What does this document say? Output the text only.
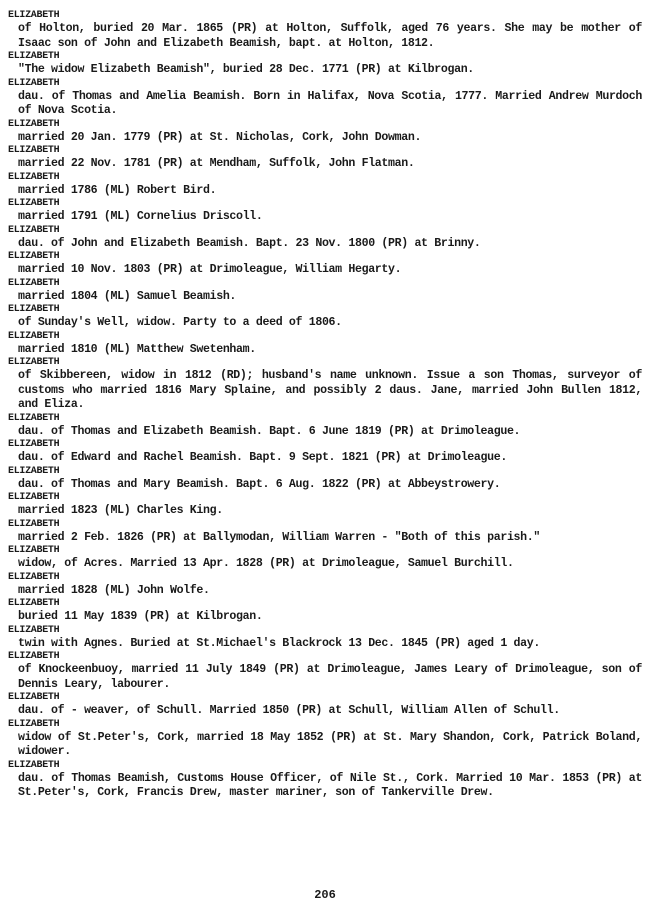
ELIZABETH
of Holton, buried 20 Mar. 1865 (PR) at Holton, Suffolk, aged 76 years. She may be mother of Isaac son of John and Elizabeth Beamish, bapt. at Holton, 1812.
ELIZABETH
"The widow Elizabeth Beamish", buried 28 Dec. 1771 (PR) at Kilbrogan.
ELIZABETH
dau. of Thomas and Amelia Beamish. Born in Halifax, Nova Scotia, 1777. Married Andrew Murdoch of Nova Scotia.
ELIZABETH
married 20 Jan. 1779 (PR) at St. Nicholas, Cork, John Dowman.
ELIZABETH
married 22 Nov. 1781 (PR) at Mendham, Suffolk, John Flatman.
ELIZABETH
married 1786 (ML) Robert Bird.
ELIZABETH
married 1791 (ML) Cornelius Driscoll.
ELIZABETH
dau. of John and Elizabeth Beamish. Bapt. 23 Nov. 1800 (PR) at Brinny.
ELIZABETH
married 10 Nov. 1803 (PR) at Drimoleague, William Hegarty.
ELIZABETH
married 1804 (ML) Samuel Beamish.
ELIZABETH
of Sunday's Well, widow. Party to a deed of 1806.
ELIZABETH
married 1810 (ML) Matthew Swetenham.
ELIZABETH
of Skibbereen, widow in 1812 (RD); husband's name unknown. Issue a son Thomas, surveyor of customs who married 1816 Mary Splaine, and possibly 2 daus. Jane, married John Bullen 1812, and Eliza.
ELIZABETH
dau. of Thomas and Elizabeth Beamish. Bapt. 6 June 1819 (PR) at Drimoleague.
ELIZABETH
dau. of Edward and Rachel Beamish. Bapt. 9 Sept. 1821 (PR) at Drimoleague.
ELIZABETH
dau. of Thomas and Mary Beamish. Bapt. 6 Aug. 1822 (PR) at Abbeystrowery.
ELIZABETH
married 1823 (ML) Charles King.
ELIZABETH
married 2 Feb. 1826 (PR) at Ballymodan, William Warren - "Both of this parish."
ELIZABETH
widow, of Acres. Married 13 Apr. 1828 (PR) at Drimoleague, Samuel Burchill.
ELIZABETH
married 1828 (ML) John Wolfe.
ELIZABETH
buried 11 May 1839 (PR) at Kilbrogan.
ELIZABETH
twin with Agnes. Buried at St.Michael's Blackrock 13 Dec. 1845 (PR) aged 1 day.
ELIZABETH
of Knockeenbuoy, married 11 July 1849 (PR) at Drimoleague, James Leary of Drimoleague, son of Dennis Leary, labourer.
ELIZABETH
dau. of - weaver, of Schull. Married 1850 (PR) at Schull, William Allen of Schull.
ELIZABETH
widow of St.Peter's, Cork, married 18 May 1852 (PR) at St. Mary Shandon, Cork, Patrick Boland, widower.
ELIZABETH
dau. of Thomas Beamish, Customs House Officer, of Nile St., Cork. Married 10 Mar. 1853 (PR) at St.Peter's, Cork, Francis Drew, master mariner, son of Tankerville Drew.
206
